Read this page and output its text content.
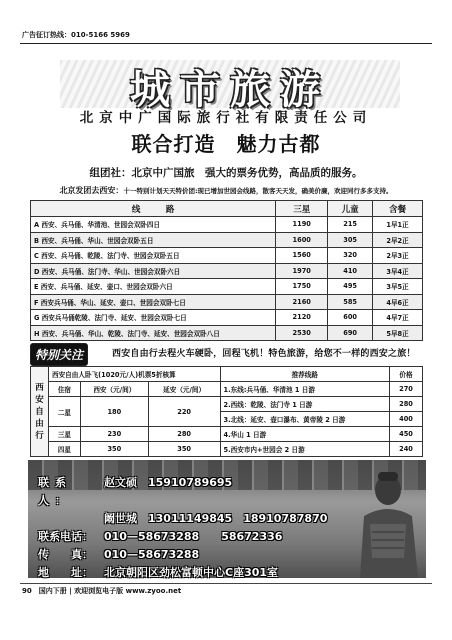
广告征订热线：010-5166 5969
城市旅游
北京中广国际旅行社有限责任公司
联合打造　魅力古都
组团社：北京中广国旅　强大的票务优势，高品质的服务。
北京发团去西安：十一特别计划天天特价团:现已增加世园会线路，散客天天发，确美价廉，欢迎同行多多支持。
线　　　路	三星	儿童	含餐
A 西安、兵马俑、华清池、世园会双卧四日	1190	215	1早1正
B 西安、兵马俑、华山、世园会双卧五日	1600	305	2早2正
C 西安、兵马俑、乾陵、法门寺、世园会双卧五日	1560	320	2早3正
D 西安、兵马俑、法门寺、华山、世园会双卧六日	1970	410	3早4正
E 西安、兵马俑、延安、壶口、世园会双卧六日	1750	495	3早5正
F 西安兵马俑、华山、延安、壶口、世园会双卧七日	2160	585	4早6正
G 西安兵马俑乾陵、法门寺、延安、世园会双卧七日	2120	600	4早7正
H 西安、兵马俑、华山、乾陵、法门寺、延安、世园会双卧八日	2530	690	5早8正
特别关注	西安自由行去程火车硬卧，回程飞机！特色旅游，给您不一样的西安之旅！
西安自由行	西安自由人卧飞(1020元/人)机票5折核算			推荐线路	价格
	住宿	西安（元/间）	延安（元/间）	1.东线:兵马俑、华清池 1 日游	270
	二星	180	220	2.西线：乾陵、法门寺 1 日游	280
				3.北线：延安、壶口瀑布、黄帝陵 2 日游	400
	三星	230	280	4.华山 1 日游	450
	四星	350	350	5.西安市内+世园会 2 日游	240
联系人：
赵文硕　15910789695
阚世城　13011149845　18910787870
联系电话：	010—58673288　　58672336
传　　真：	010—58673288
地　　址：	北京朝阳区劲松富顿中心C座301室
90　国内下册 | 欢迎浏览电子版 www.zyoo.net
